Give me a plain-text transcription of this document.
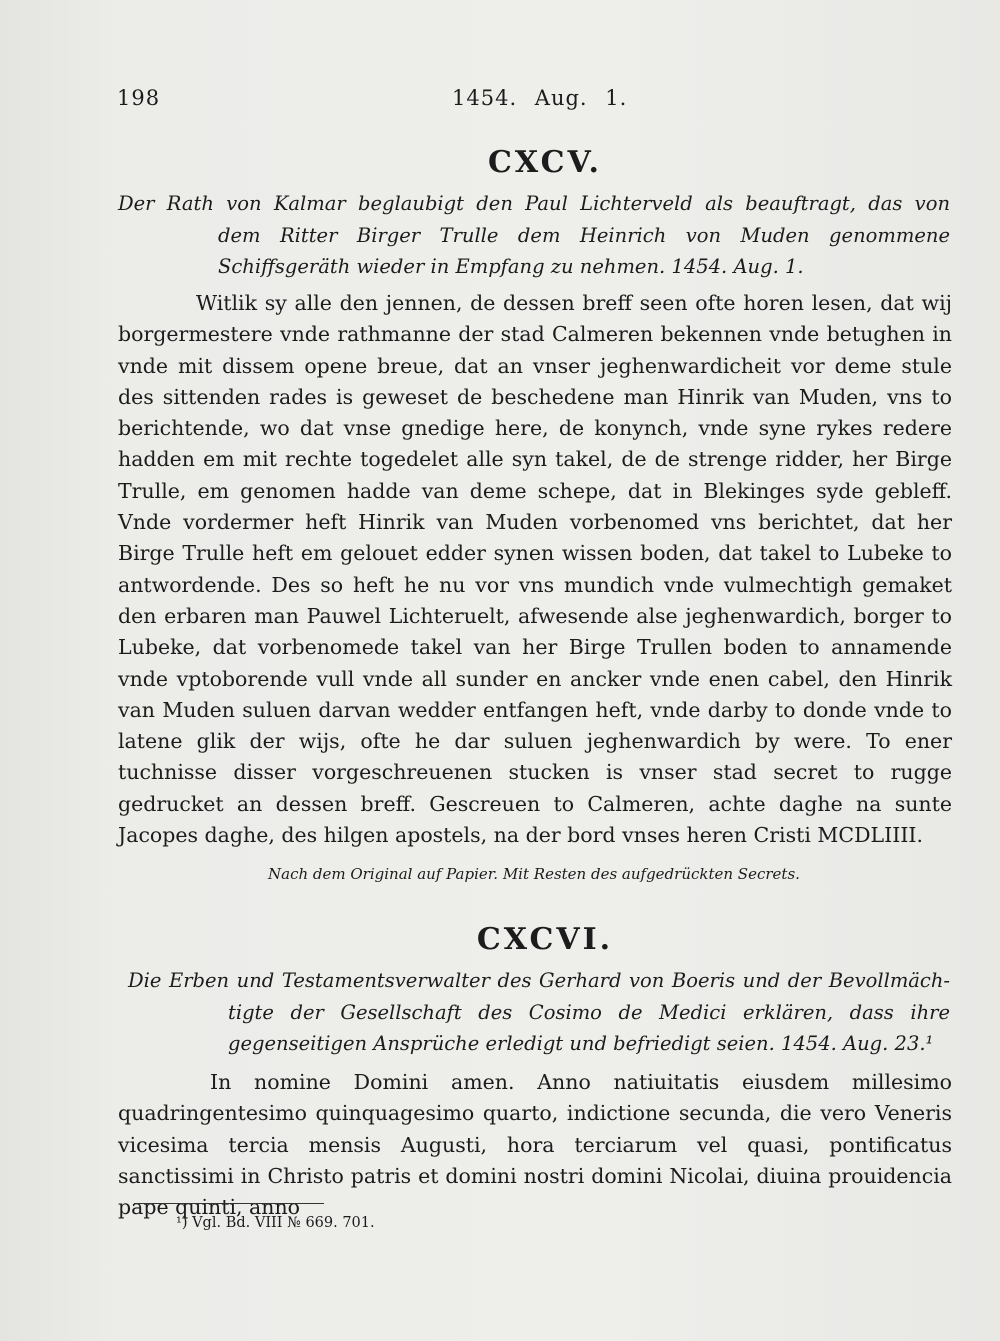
198	1454. Aug. 1.
CXCV.
Der Rath von Kalmar beglaubigt den Paul Lichterveld als beauftragt, das von
dem Ritter Birger Trulle dem Heinrich von Muden genommene Schiffsgeräth wieder in Empfang zu nehmen. 1454. Aug. 1.
Witlik sy alle den jennen, de dessen breff seen ofte horen lesen, dat wij borgermestere vnde rathmanne der stad Calmeren bekennen vnde betughen in vnde mit dissem opene breue, dat an vnser jeghenwardicheit vor deme stule des sittenden rades is geweset de beschedene man Hinrik van Muden, vns to berichtende, wo dat vnse gnedige here, de konynch, vnde syne rykes redere hadden em mit rechte togedelet alle syn takel, de de strenge ridder, her Birge Trulle, em genomen hadde van deme schepe, dat in Blekinges syde gebleff. Vnde vordermer heft Hinrik van Muden vorbenomed vns berichtet, dat her Birge Trulle heft em gelouet edder synen wissen boden, dat takel to Lubeke to antwordende. Des so heft he nu vor vns mundich vnde vulmechtigh gemaket den erbaren man Pauwel Lichteruelt, afwesende alse jeghenwardich, borger to Lubeke, dat vorbenomede takel van her Birge Trullen boden to annamende vnde vptoborende vull vnde all sunder en ancker vnde enen cabel, den Hinrik van Muden suluen darvan wedder entfangen heft, vnde darby to donde vnde to latene glik der wijs, ofte he dar suluen jeghenwardich by were. To ener tuchnisse disser vorgeschreuenen stucken is vnser stad secret to rugge gedrucket an dessen breff. Gescreuen to Calmeren, achte daghe na sunte Jacopes daghe, des hilgen apostels, na der bord vnses heren Cristi MCDLIIII.
Nach dem Original auf Papier. Mit Resten des aufgedrückten Secrets.
CXCVI.
Die Erben und Testamentsverwalter des Gerhard von Boeris und der Bevollmäch-
tigte der Gesellschaft des Cosimo de Medici erklären, dass ihre gegenseitigen Ansprüche erledigt und befriedigt seien. 1454. Aug. 23.¹
In nomine Domini amen. Anno natiuitatis eiusdem millesimo quadringentesimo quinquagesimo quarto, indictione secunda, die vero Veneris vicesima tercia mensis Augusti, hora terciarum vel quasi, pontificatus sanctissimi in Christo patris et domini nostri domini Nicolai, diuina prouidencia pape quinti, anno
¹) Vgl. Bd. VIII № 669. 701.
